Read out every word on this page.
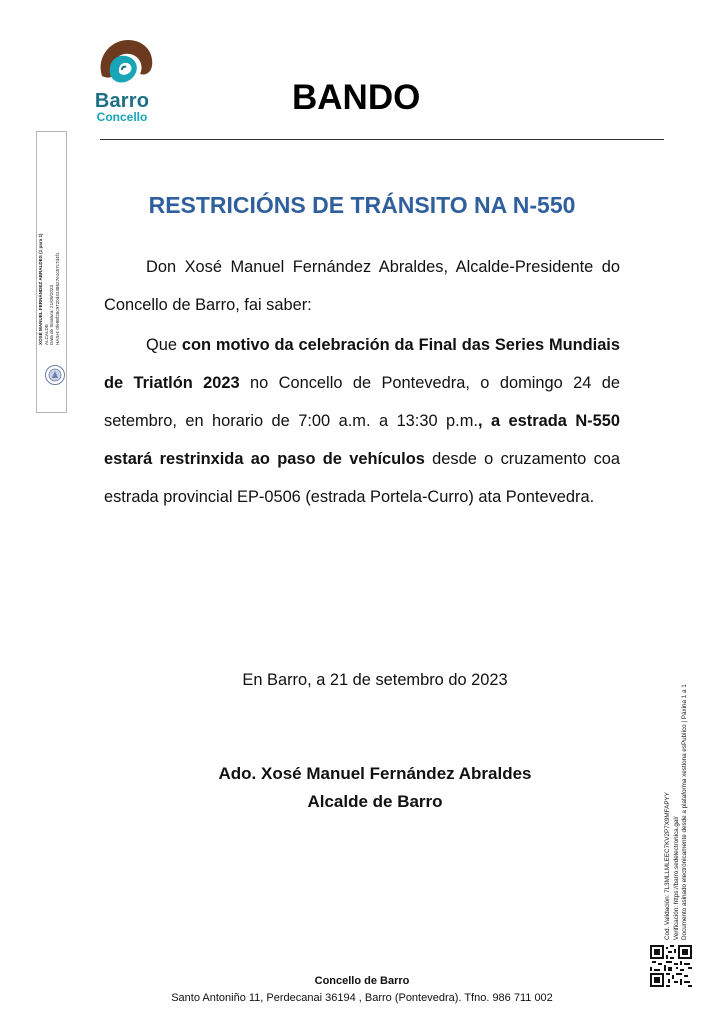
Barro
Concello	BANDO
XOSÉ MANUEL FERNÁNDEZ ABRALDES (1 para 1) ALCALDE Data de Sinatura: 21/09/2023 HASH: 0fe98f28c9720d4248627e1c87c7d4f1
RESTRICIÓNS DE TRÁNSITO NA N-550

Don Xosé Manuel Fernández Abraldes, Alcalde-Presidente do Concello de Barro, fai saber:

Que con motivo da celebración da Final das Series Mundiais de Triatlón 2023 no Concello de Pontevedra, o domingo 24 de setembro, en horario de 7:00 a.m. a 13:30 p.m., a estrada N-550 estará restrinxida ao paso de vehículos desde o cruzamento coa estrada provincial EP-0506 (estrada Portela-Curro) ata Pontevedra.

En Barro, a 21 de setembro do 2023
Ado. Xosé Manuel Fernández Abraldes
Alcalde de Barro	Cod. Validación: 7L3MLLMLEEC7KV2P7X9MFAPYY Verificación: https://barro.sedelectronica.gal/ Documento asinado electrónicamente desde a plataforma xestiona esPublico | Páxina 1 a 1
Concello de Barro
Santo Antoniño 11, Perdecanai 36194 , Barro (Pontevedra). Tfno. 986 711 002
